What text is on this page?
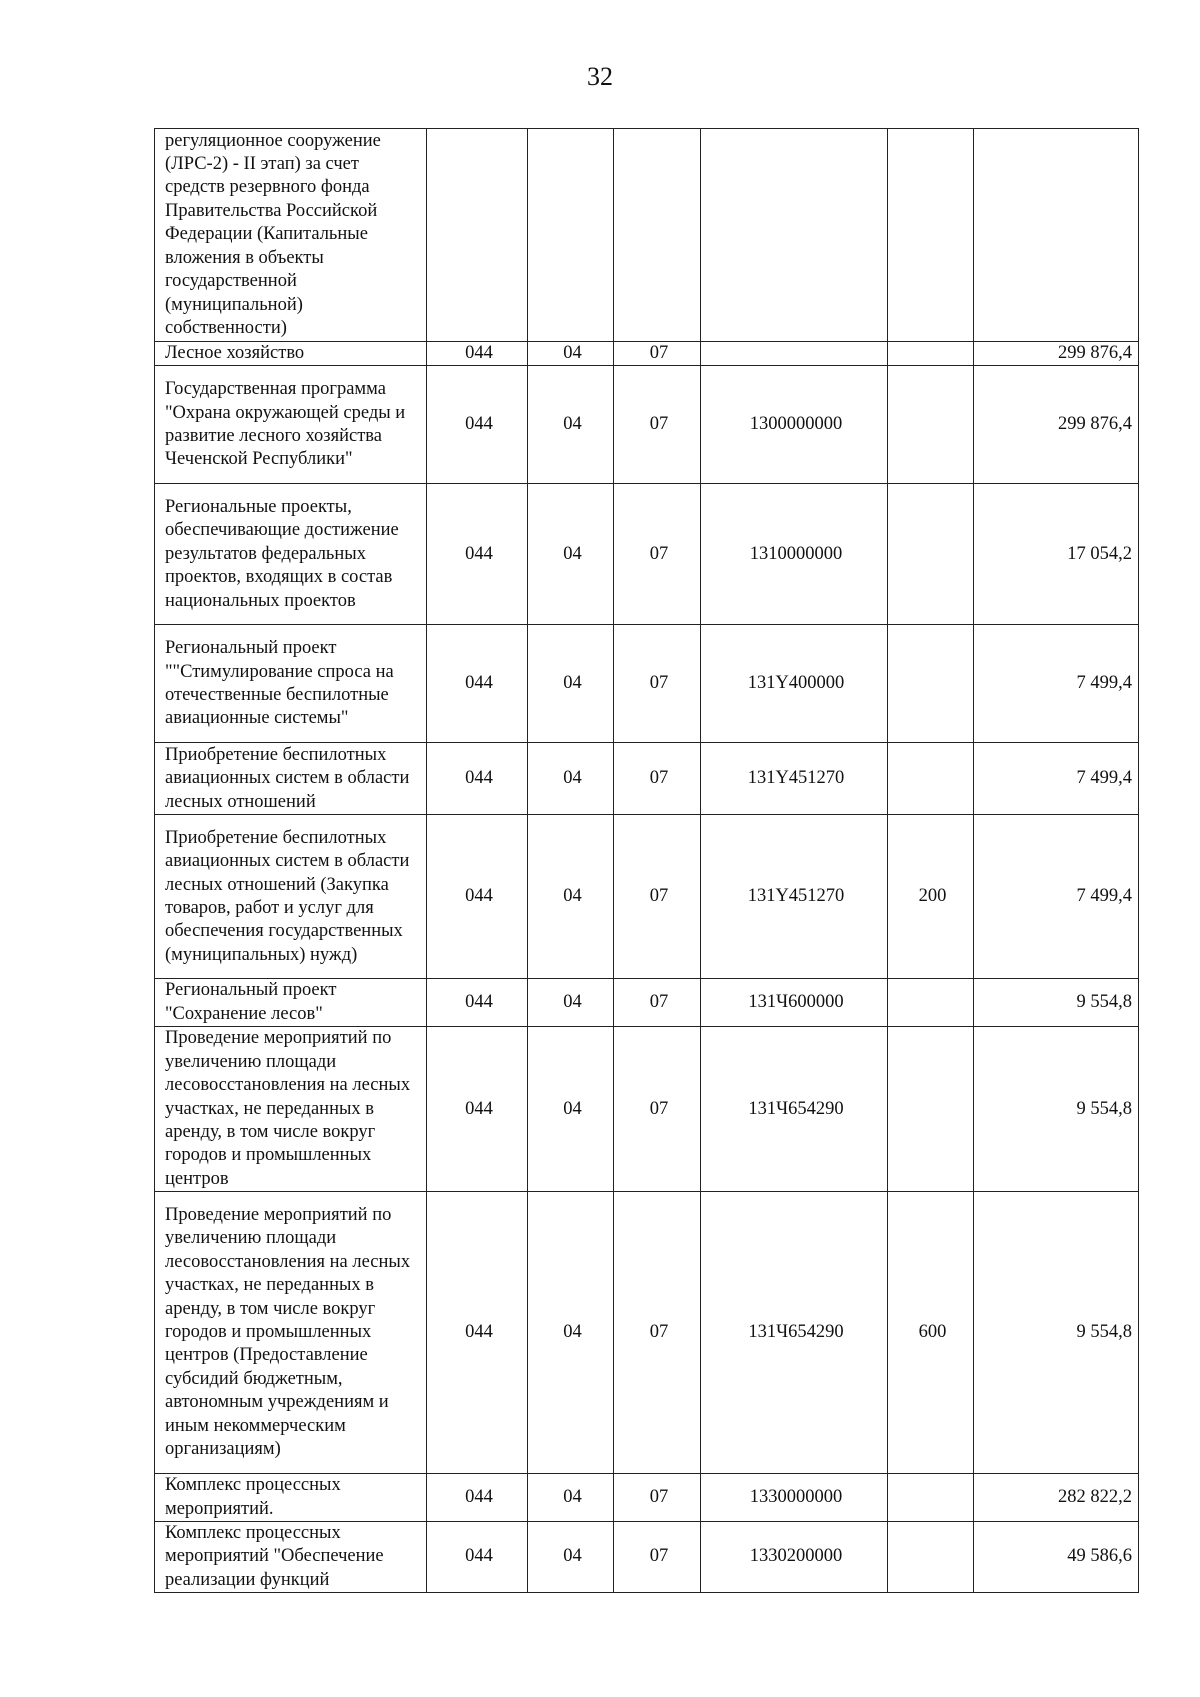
32
регуляционное сооружение (ЛРС-2) - II этап) за счет средств резервного фонда Правительства Российской Федерации (Капитальные вложения в объекты государственной (муниципальной) собственности)						
Лесное хозяйство	044	04	07			299 876,4
Государственная программа "Охрана окружающей среды и развитие лесного хозяйства Чеченской Республики"	044	04	07	1300000000		299 876,4
Региональные проекты, обеспечивающие достижение результатов федеральных проектов, входящих в состав национальных проектов	044	04	07	1310000000		17 054,2
Региональный проект ""Стимулирование спроса на отечественные беспилотные авиационные системы"	044	04	07	131Y400000		7 499,4
Приобретение беспилотных авиационных систем в области лесных отношений	044	04	07	131Y451270		7 499,4
Приобретение беспилотных авиационных систем в области лесных отношений (Закупка товаров, работ и услуг для обеспечения государственных (муниципальных) нужд)	044	04	07	131Y451270	200	7 499,4
Региональный проект "Сохранение лесов"	044	04	07	131Ч600000		9 554,8
Проведение мероприятий по увеличению площади лесовосстановления на лесных участках, не переданных в аренду, в том числе вокруг городов и промышленных центров	044	04	07	131Ч654290		9 554,8
Проведение мероприятий по увеличению площади лесовосстановления на лесных участках, не переданных в аренду, в том числе вокруг городов и промышленных центров (Предоставление субсидий бюджетным, автономным учреждениям и иным некоммерческим организациям)	044	04	07	131Ч654290	600	9 554,8
Комплекс процессных мероприятий.	044	04	07	1330000000		282 822,2
Комплекс процессных мероприятий "Обеспечение реализации функций	044	04	07	1330200000		49 586,6
